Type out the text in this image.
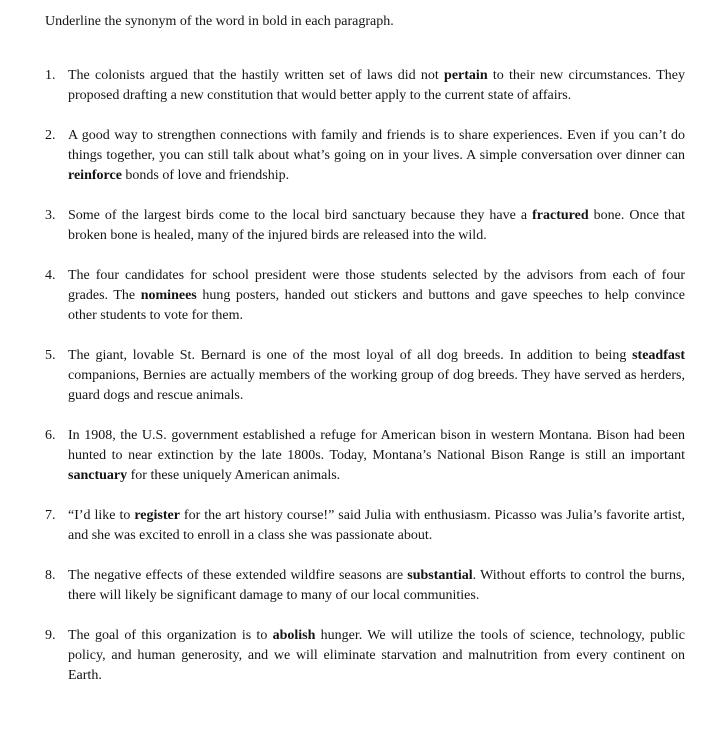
Underline the synonym of the word in bold in each paragraph.

1. The colonists argued that the hastily written set of laws did not pertain to their new circumstances. They proposed drafting a new constitution that would better apply to the current state of affairs.

2. A good way to strengthen connections with family and friends is to share experiences. Even if you can’t do things together, you can still talk about what’s going on in your lives. A simple conversation over dinner can reinforce bonds of love and friendship.

3. Some of the largest birds come to the local bird sanctuary because they have a fractured bone. Once that broken bone is healed, many of the injured birds are released into the wild.

4. The four candidates for school president were those students selected by the advisors from each of four grades. The nominees hung posters, handed out stickers and buttons and gave speeches to help convince other students to vote for them.

5. The giant, lovable St. Bernard is one of the most loyal of all dog breeds. In addition to being steadfast companions, Bernies are actually members of the working group of dog breeds. They have served as herders, guard dogs and rescue animals.

6. In 1908, the U.S. government established a refuge for American bison in western Montana. Bison had been hunted to near extinction by the late 1800s. Today, Montana’s National Bison Range is still an important sanctuary for these uniquely American animals.

7. “I’d like to register for the art history course!” said Julia with enthusiasm. Picasso was Julia’s favorite artist, and she was excited to enroll in a class she was passionate about.

8. The negative effects of these extended wildfire seasons are substantial. Without efforts to control the burns, there will likely be significant damage to many of our local communities.

9. The goal of this organization is to abolish hunger. We will utilize the tools of science, technology, public policy, and human generosity, and we will eliminate starvation and malnutrition from every continent on Earth.
